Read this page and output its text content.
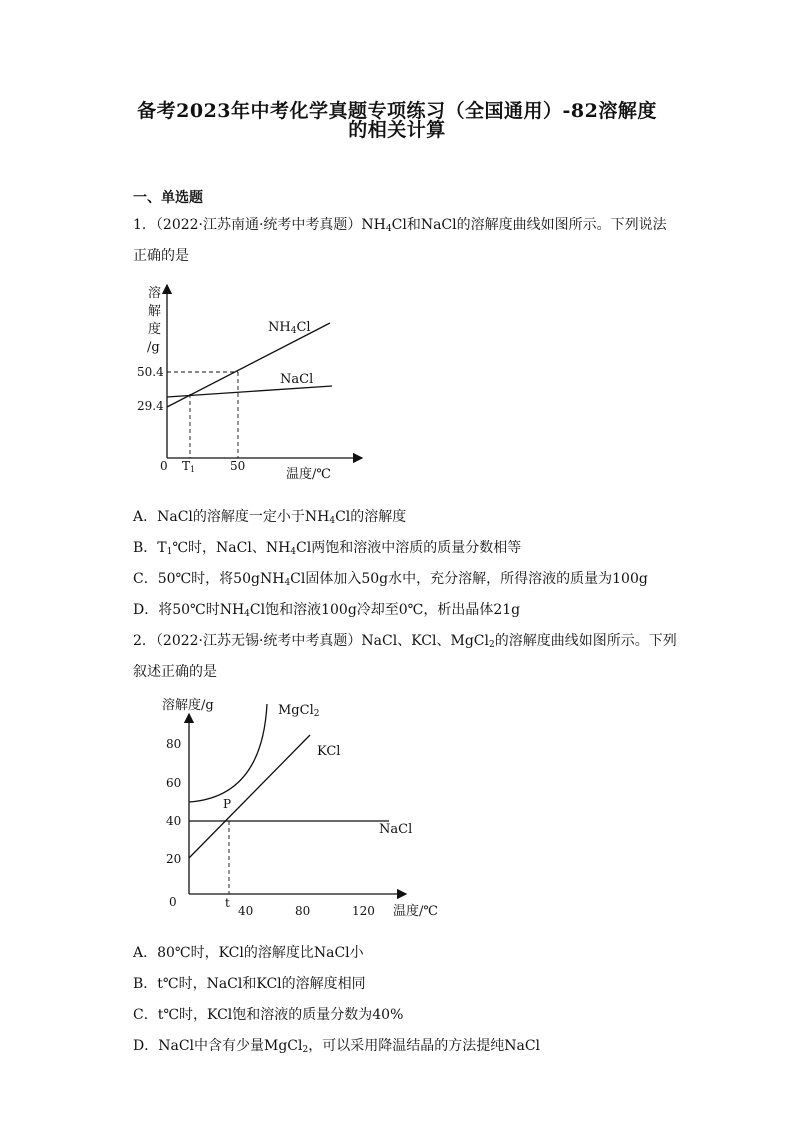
备考2023年中考化学真题专项练习（全国通用）-82溶解度
的相关计算
一、单选题
1．（2022·江苏南通·统考中考真题）$NH_4Cl$和NaCl的溶解度曲线如图所示。下列说法
正确的是
溶
解
度
/g
50.4
29.4
0 T1	50
温度/℃
NH4Cl
NaCl
A．NaCl的溶解度一定小于$NH_4Cl$的溶解度
B．$T_1℃$时，NaCl、$NH_4Cl$两饱和溶液中溶质的质量分数相等
C．50℃时，将50gNH$_4$Cl固体加入50g水中，充分溶解，所得溶液的质量为100g
D．将50℃时$NH_4Cl$饱和溶液100g冷却至0℃，析出晶体21g
2．（2022·江苏无锡·统考中考真题）NaCl、KCl、MgCl$_2$的溶解度曲线如图所示。下列
叙述正确的是
溶解度/g
温度/℃
0
80
60
40
20
40	80	120
t
P
MgCl2
KCl
NaCl
A．80℃时，KCl的溶解度比NaCl小
B．t℃时，NaCl和KCl的溶解度相同
C．t℃时，KCl饱和溶液的质量分数为40%
D．NaCl中含有少量MgCl$_2$，可以采用降温结晶的方法提纯NaCl
